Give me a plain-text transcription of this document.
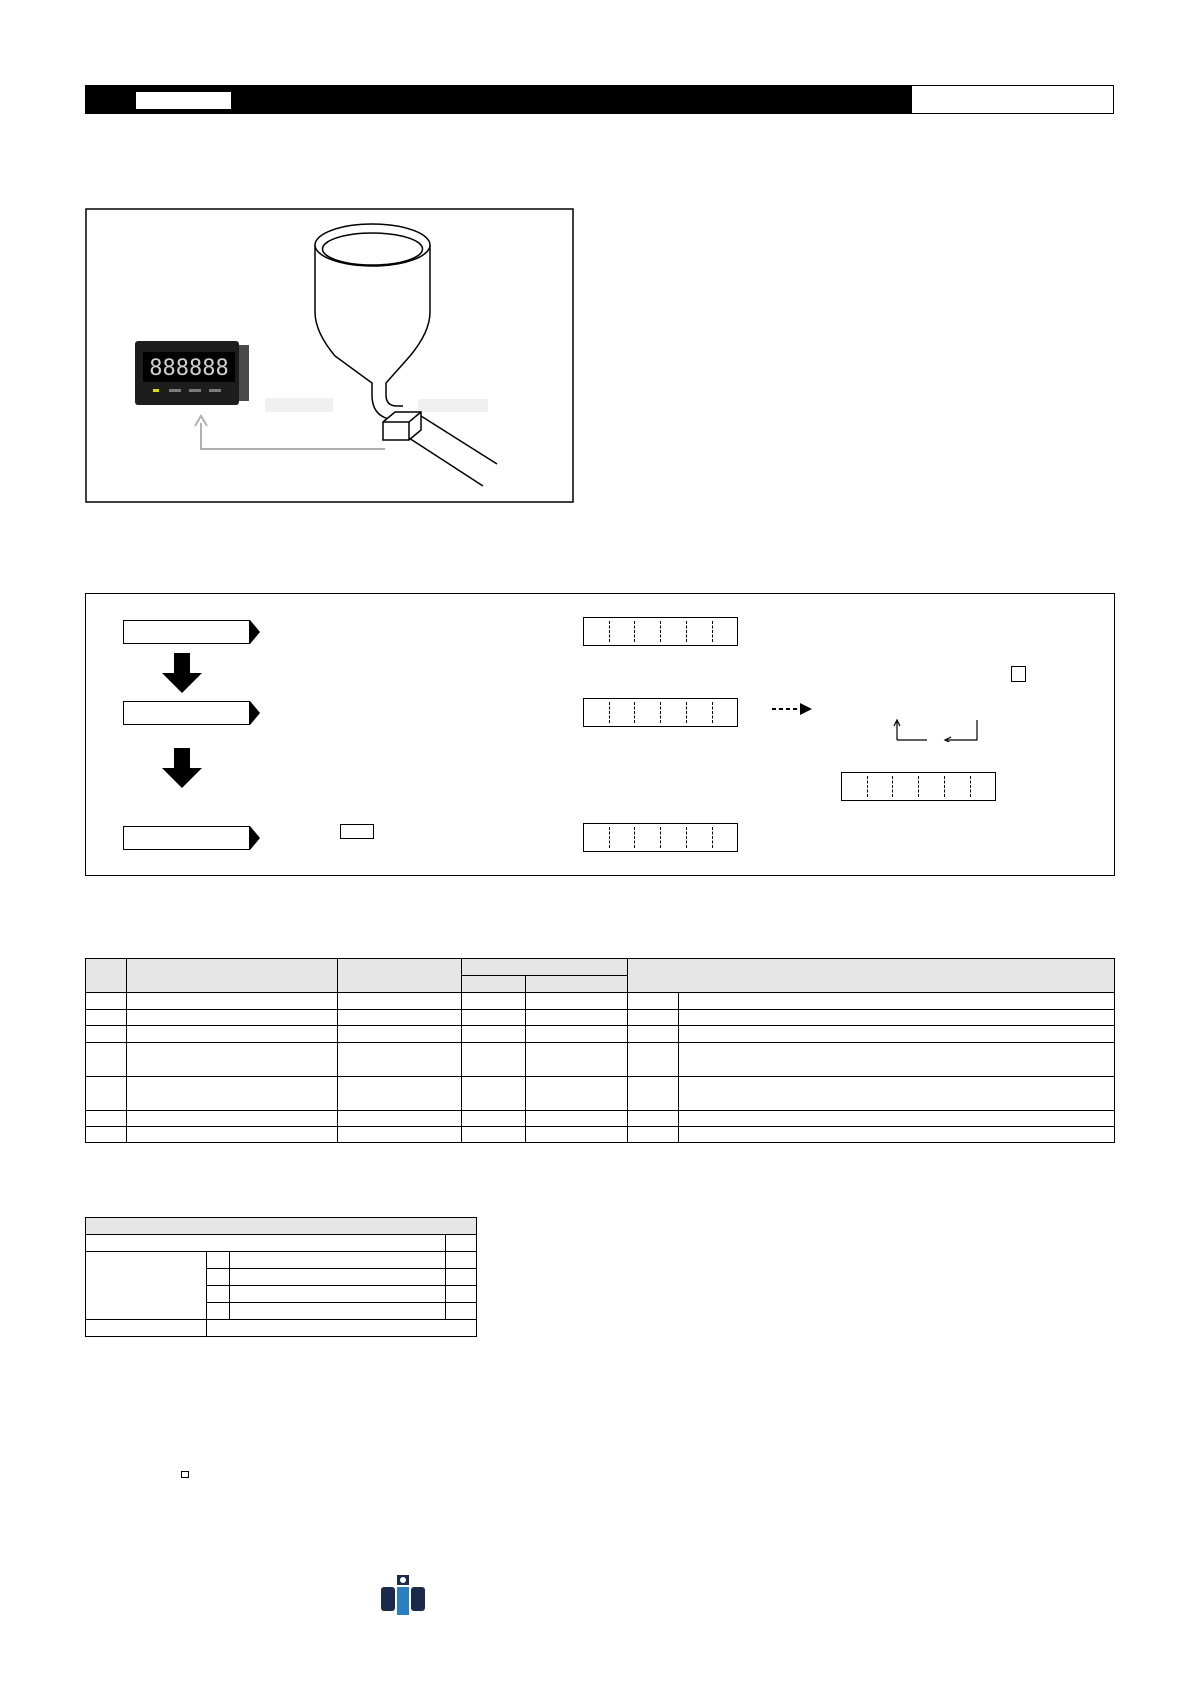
888888
